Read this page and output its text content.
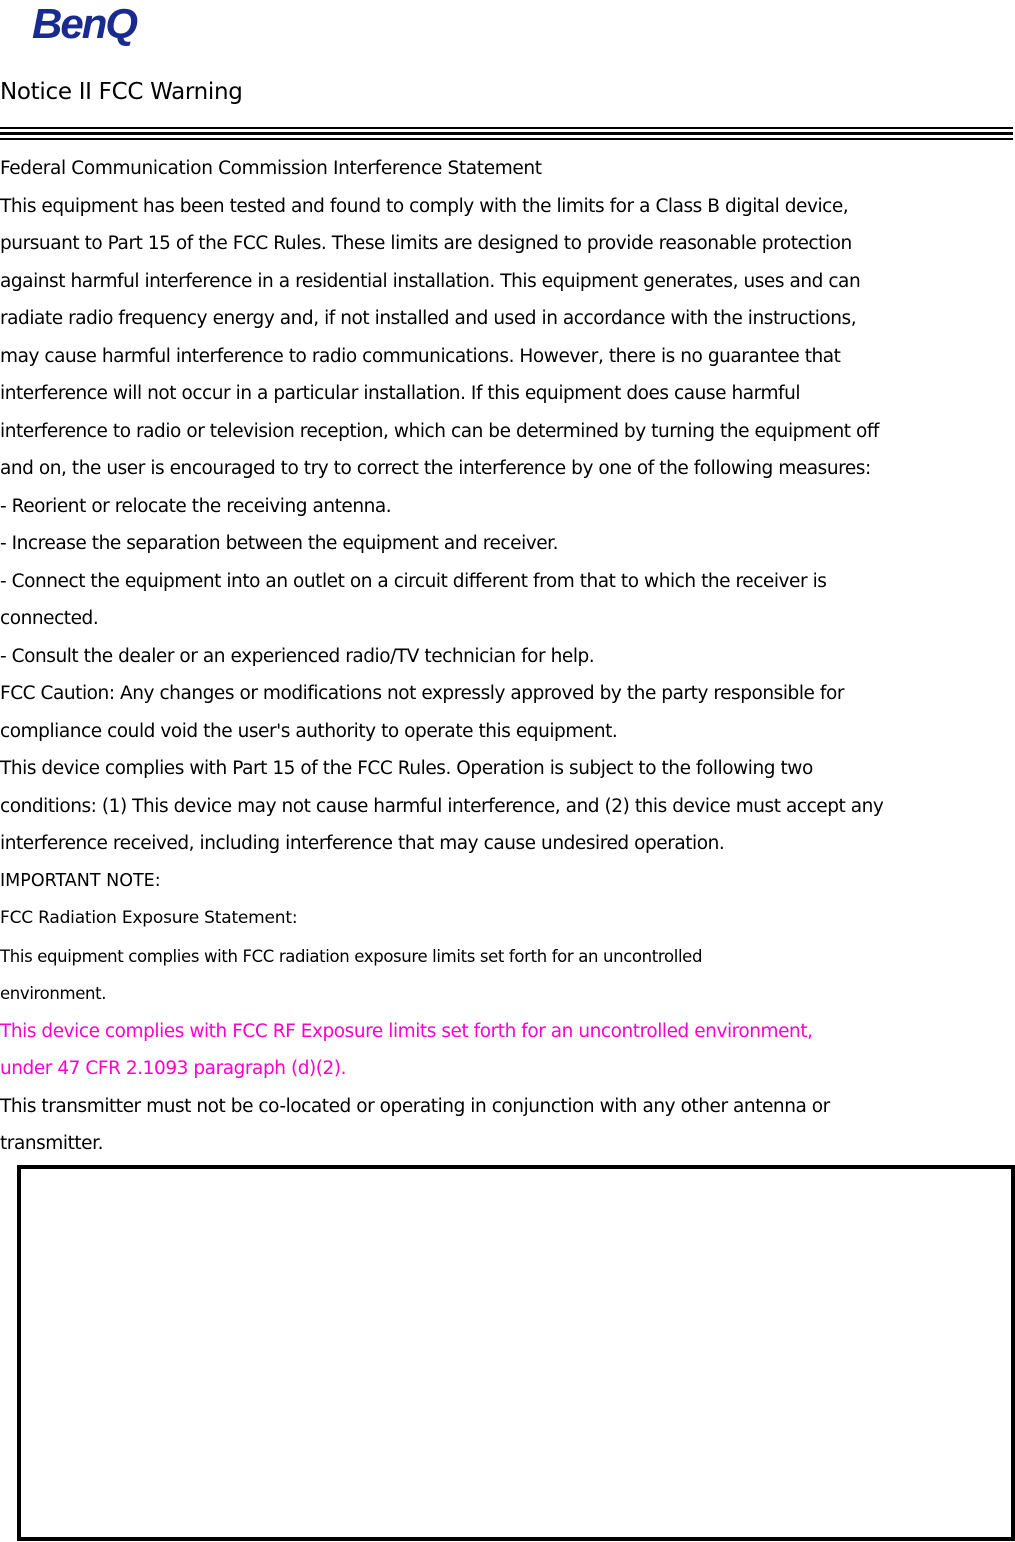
BenQ
Notice II FCC Warning
Federal Communication Commission Interference Statement
This equipment has been tested and found to comply with the limits for a Class B digital device,
pursuant to Part 15 of the FCC Rules. These limits are designed to provide reasonable protection
against harmful interference in a residential installation. This equipment generates, uses and can
radiate radio frequency energy and, if not installed and used in accordance with the instructions,
may cause harmful interference to radio communications. However, there is no guarantee that
interference will not occur in a particular installation. If this equipment does cause harmful
interference to radio or television reception, which can be determined by turning the equipment off
and on, the user is encouraged to try to correct the interference by one of the following measures:
- Reorient or relocate the receiving antenna.
- Increase the separation between the equipment and receiver.
- Connect the equipment into an outlet on a circuit different from that to which the receiver is
connected.
- Consult the dealer or an experienced radio/TV technician for help.
FCC Caution: Any changes or modifications not expressly approved by the party responsible for
compliance could void the user's authority to operate this equipment.
This device complies with Part 15 of the FCC Rules. Operation is subject to the following two
conditions: (1) This device may not cause harmful interference, and (2) this device must accept any
interference received, including interference that may cause undesired operation.
IMPORTANT NOTE:
FCC Radiation Exposure Statement:
This equipment complies with FCC radiation exposure limits set forth for an uncontrolled
environment.
This device complies with FCC RF Exposure limits set forth for an uncontrolled environment,
under 47 CFR 2.1093 paragraph (d)(2).
This transmitter must not be co-located or operating in conjunction with any other antenna or
transmitter.
